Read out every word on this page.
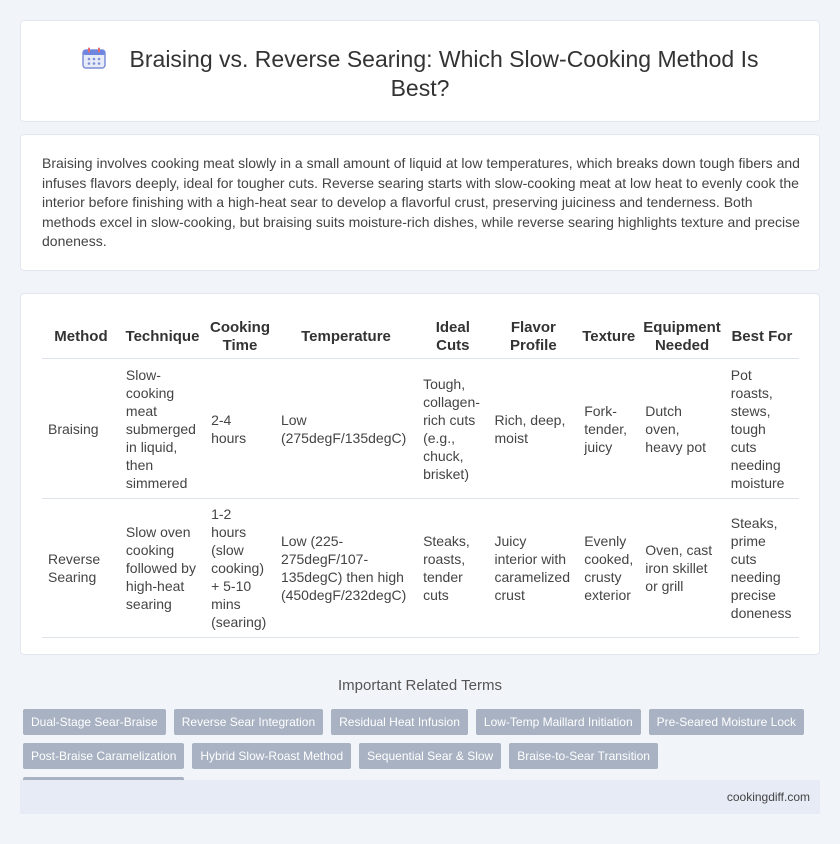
Braising vs. Reverse Searing: Which Slow-Cooking Method Is Best?

Braising involves cooking meat slowly in a small amount of liquid at low temperatures, which breaks down tough fibers and infuses flavors deeply, ideal for tougher cuts. Reverse searing starts with slow-cooking meat at low heat to evenly cook the interior before finishing with a high-heat sear to develop a flavorful crust, preserving juiciness and tenderness. Both methods excel in slow-cooking, but braising suits moisture-rich dishes, while reverse searing highlights texture and precise doneness.

Method	Technique	Cooking Time	Temperature	Ideal Cuts	Flavor Profile	Texture	Equipment Needed	Best For
Braising	Slow-cooking meat submerged in liquid, then simmered	2-4 hours	Low (275degF/135degC)	Tough, collagen-rich cuts (e.g., chuck, brisket)	Rich, deep, moist	Fork-tender, juicy	Dutch oven, heavy pot	Pot roasts, stews, tough cuts needing moisture
Reverse Searing	Slow oven cooking followed by high-heat searing	1-2 hours (slow cooking) + 5-10 mins (searing)	Low (225-275degF/107-135degC) then high (450degF/232degC)	Steaks, roasts, tender cuts	Juicy interior with caramelized crust	Evenly cooked, crusty exterior	Oven, cast iron skillet or grill	Steaks, prime cuts needing precise doneness
Important Related Terms
Dual-Stage Sear-Braise	Reverse Sear Integration	Residual Heat Infusion	Low-Temp Maillard Initiation	Pre-Seared Moisture Lock
Post-Braise Caramelization	Hybrid Slow-Roast Method	Sequential Sear & Slow	Braise-to-Sear Transition
cookingdiff.com
